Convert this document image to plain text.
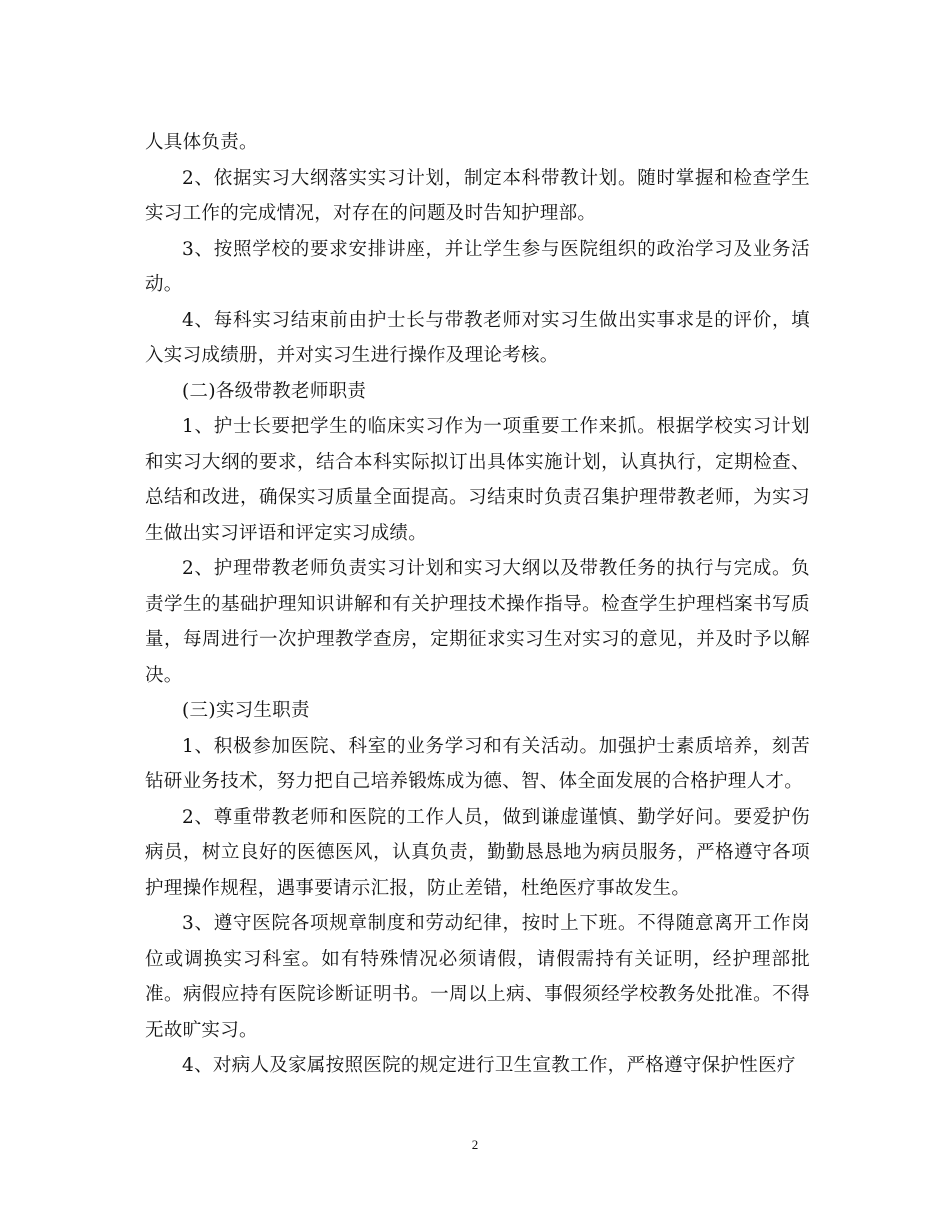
人具体负责。

2、依据实习大纲落实实习计划，制定本科带教计划。随时掌握和检查学生实习工作的完成情况，对存在的问题及时告知护理部。

3、按照学校的要求安排讲座，并让学生参与医院组织的政治学习及业务活动。

4、每科实习结束前由护士长与带教老师对实习生做出实事求是的评价，填入实习成绩册，并对实习生进行操作及理论考核。

(二)各级带教老师职责

1、护士长要把学生的临床实习作为一项重要工作来抓。根据学校实习计划和实习大纲的要求，结合本科实际拟订出具体实施计划，认真执行，定期检查、总结和改进，确保实习质量全面提高。习结束时负责召集护理带教老师，为实习生做出实习评语和评定实习成绩。

2、护理带教老师负责实习计划和实习大纲以及带教任务的执行与完成。负责学生的基础护理知识讲解和有关护理技术操作指导。检查学生护理档案书写质量，每周进行一次护理教学查房，定期征求实习生对实习的意见，并及时予以解决。

(三)实习生职责

1、积极参加医院、科室的业务学习和有关活动。加强护士素质培养，刻苦钻研业务技术，努力把自己培养锻炼成为德、智、体全面发展的合格护理人才。

2、尊重带教老师和医院的工作人员，做到谦虚谨慎、勤学好问。要爱护伤病员，树立良好的医德医风，认真负责，勤勤恳恳地为病员服务，严格遵守各项护理操作规程，遇事要请示汇报，防止差错，杜绝医疗事故发生。

3、遵守医院各项规章制度和劳动纪律，按时上下班。不得随意离开工作岗位或调换实习科室。如有特殊情况必须请假，请假需持有关证明，经护理部批准。病假应持有医院诊断证明书。一周以上病、事假须经学校教务处批准。不得无故旷实习。

4、对病人及家属按照医院的规定进行卫生宣教工作，严格遵守保护性医疗

2
